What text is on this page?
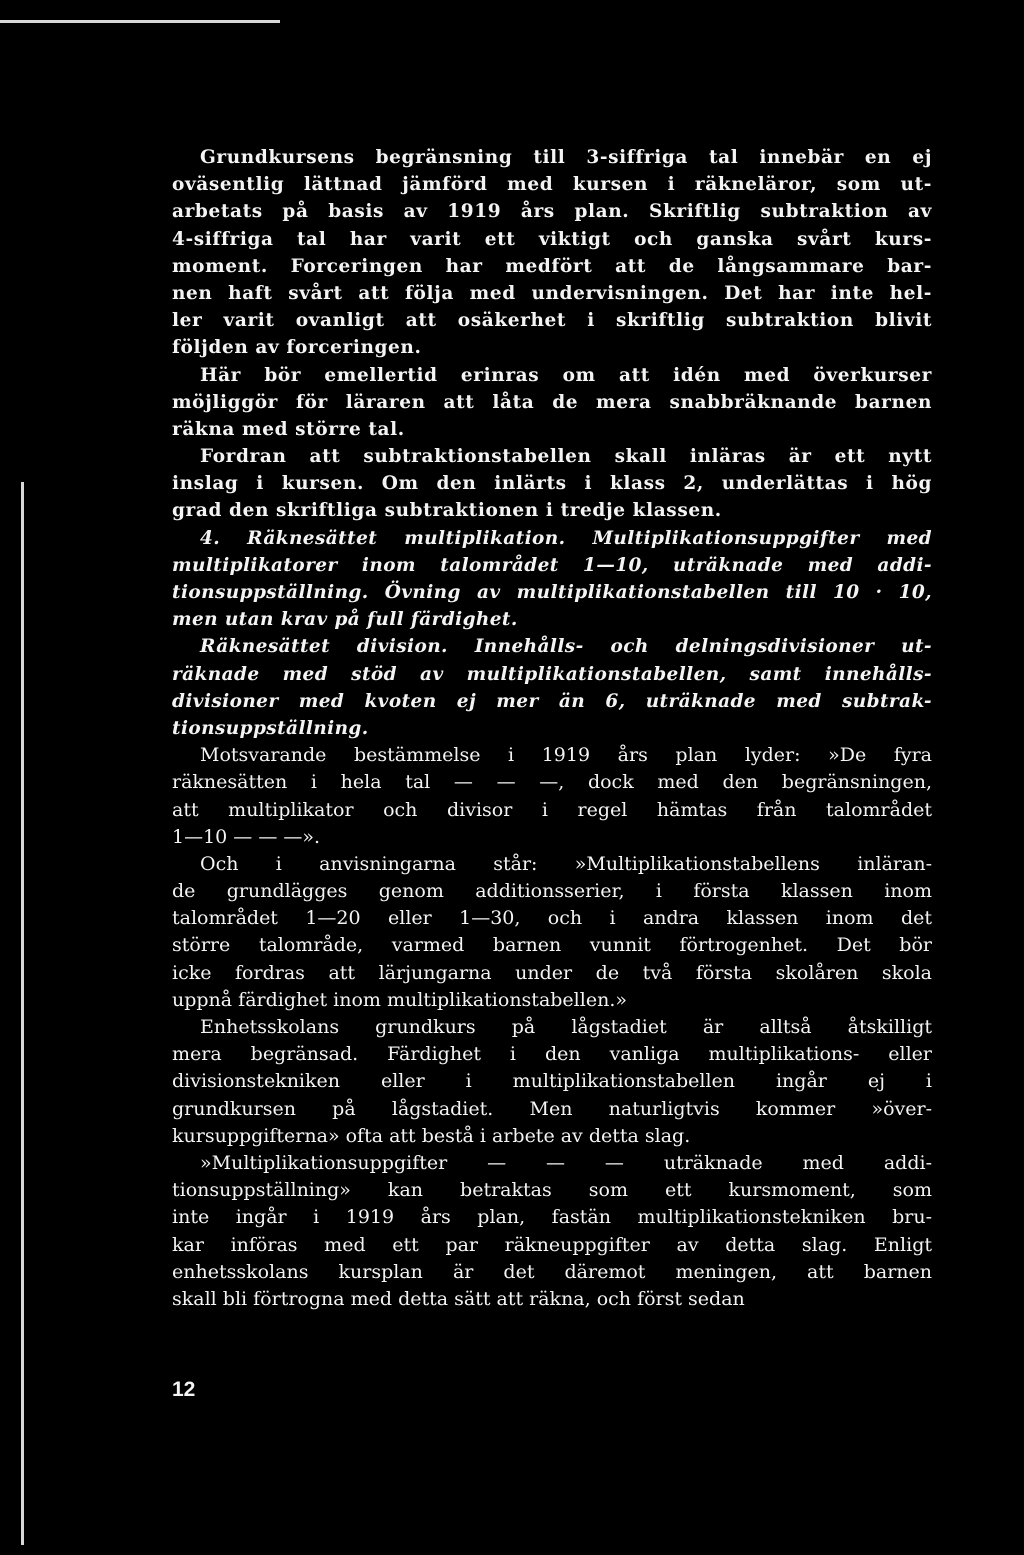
Grundkursens begränsning till 3-siffriga tal innebär en ej
oväsentlig lättnad jämförd med kursen i räkneläror, som ut-
arbetats på basis av 1919 års plan. Skriftlig subtraktion av
4-siffriga tal har varit ett viktigt och ganska svårt kurs-
moment. Forceringen har medfört att de långsammare bar-
nen haft svårt att följa med undervisningen. Det har inte hel-
ler varit ovanligt att osäkerhet i skriftlig subtraktion blivit
följden av forceringen.
Här bör emellertid erinras om att idén med överkurser
möjliggör för läraren att låta de mera snabbräknande barnen
räkna med större tal.
Fordran att subtraktionstabellen skall inläras är ett nytt
inslag i kursen. Om den inlärts i klass 2, underlättas i hög
grad den skriftliga subtraktionen i tredje klassen.
4. Räknesättet multiplikation. Multiplikationsuppgifter med
multiplikatorer inom talområdet 1—10, uträknade med addi-
tionsuppställning. Övning av multiplikationstabellen till 10 · 10,
men utan krav på full färdighet.
Räknesättet division. Innehålls- och delningsdivisioner ut-
räknade med stöd av multiplikationstabellen, samt innehålls-
divisioner med kvoten ej mer än 6, uträknade med subtrak-
tionsuppställning.
Motsvarande bestämmelse i 1919 års plan lyder: »De fyra
räknesätten i hela tal — — —, dock med den begränsningen,
att multiplikator och divisor i regel hämtas från talområdet
1—10 — — —».
Och i anvisningarna står: »Multiplikationstabellens inläran-
de grundlägges genom additionsserier, i första klassen inom
talområdet 1—20 eller 1—30, och i andra klassen inom det
större talområde, varmed barnen vunnit förtrogenhet. Det bör
icke fordras att lärjungarna under de två första skolåren skola
uppnå färdighet inom multiplikationstabellen.»
Enhetsskolans grundkurs på lågstadiet är alltså åtskilligt
mera begränsad. Färdighet i den vanliga multiplikations- eller
divisionstekniken eller i multiplikationstabellen ingår ej i
grundkursen på lågstadiet. Men naturligtvis kommer »över-
kursuppgifterna» ofta att bestå i arbete av detta slag.
»Multiplikationsuppgifter — — — uträknade med addi-
tionsuppställning» kan betraktas som ett kursmoment, som
inte ingår i 1919 års plan, fastän multiplikationstekniken bru-
kar införas med ett par räkneuppgifter av detta slag. Enligt
enhetsskolans kursplan är det däremot meningen, att barnen
skall bli förtrogna med detta sätt att räkna, och först sedan
12
